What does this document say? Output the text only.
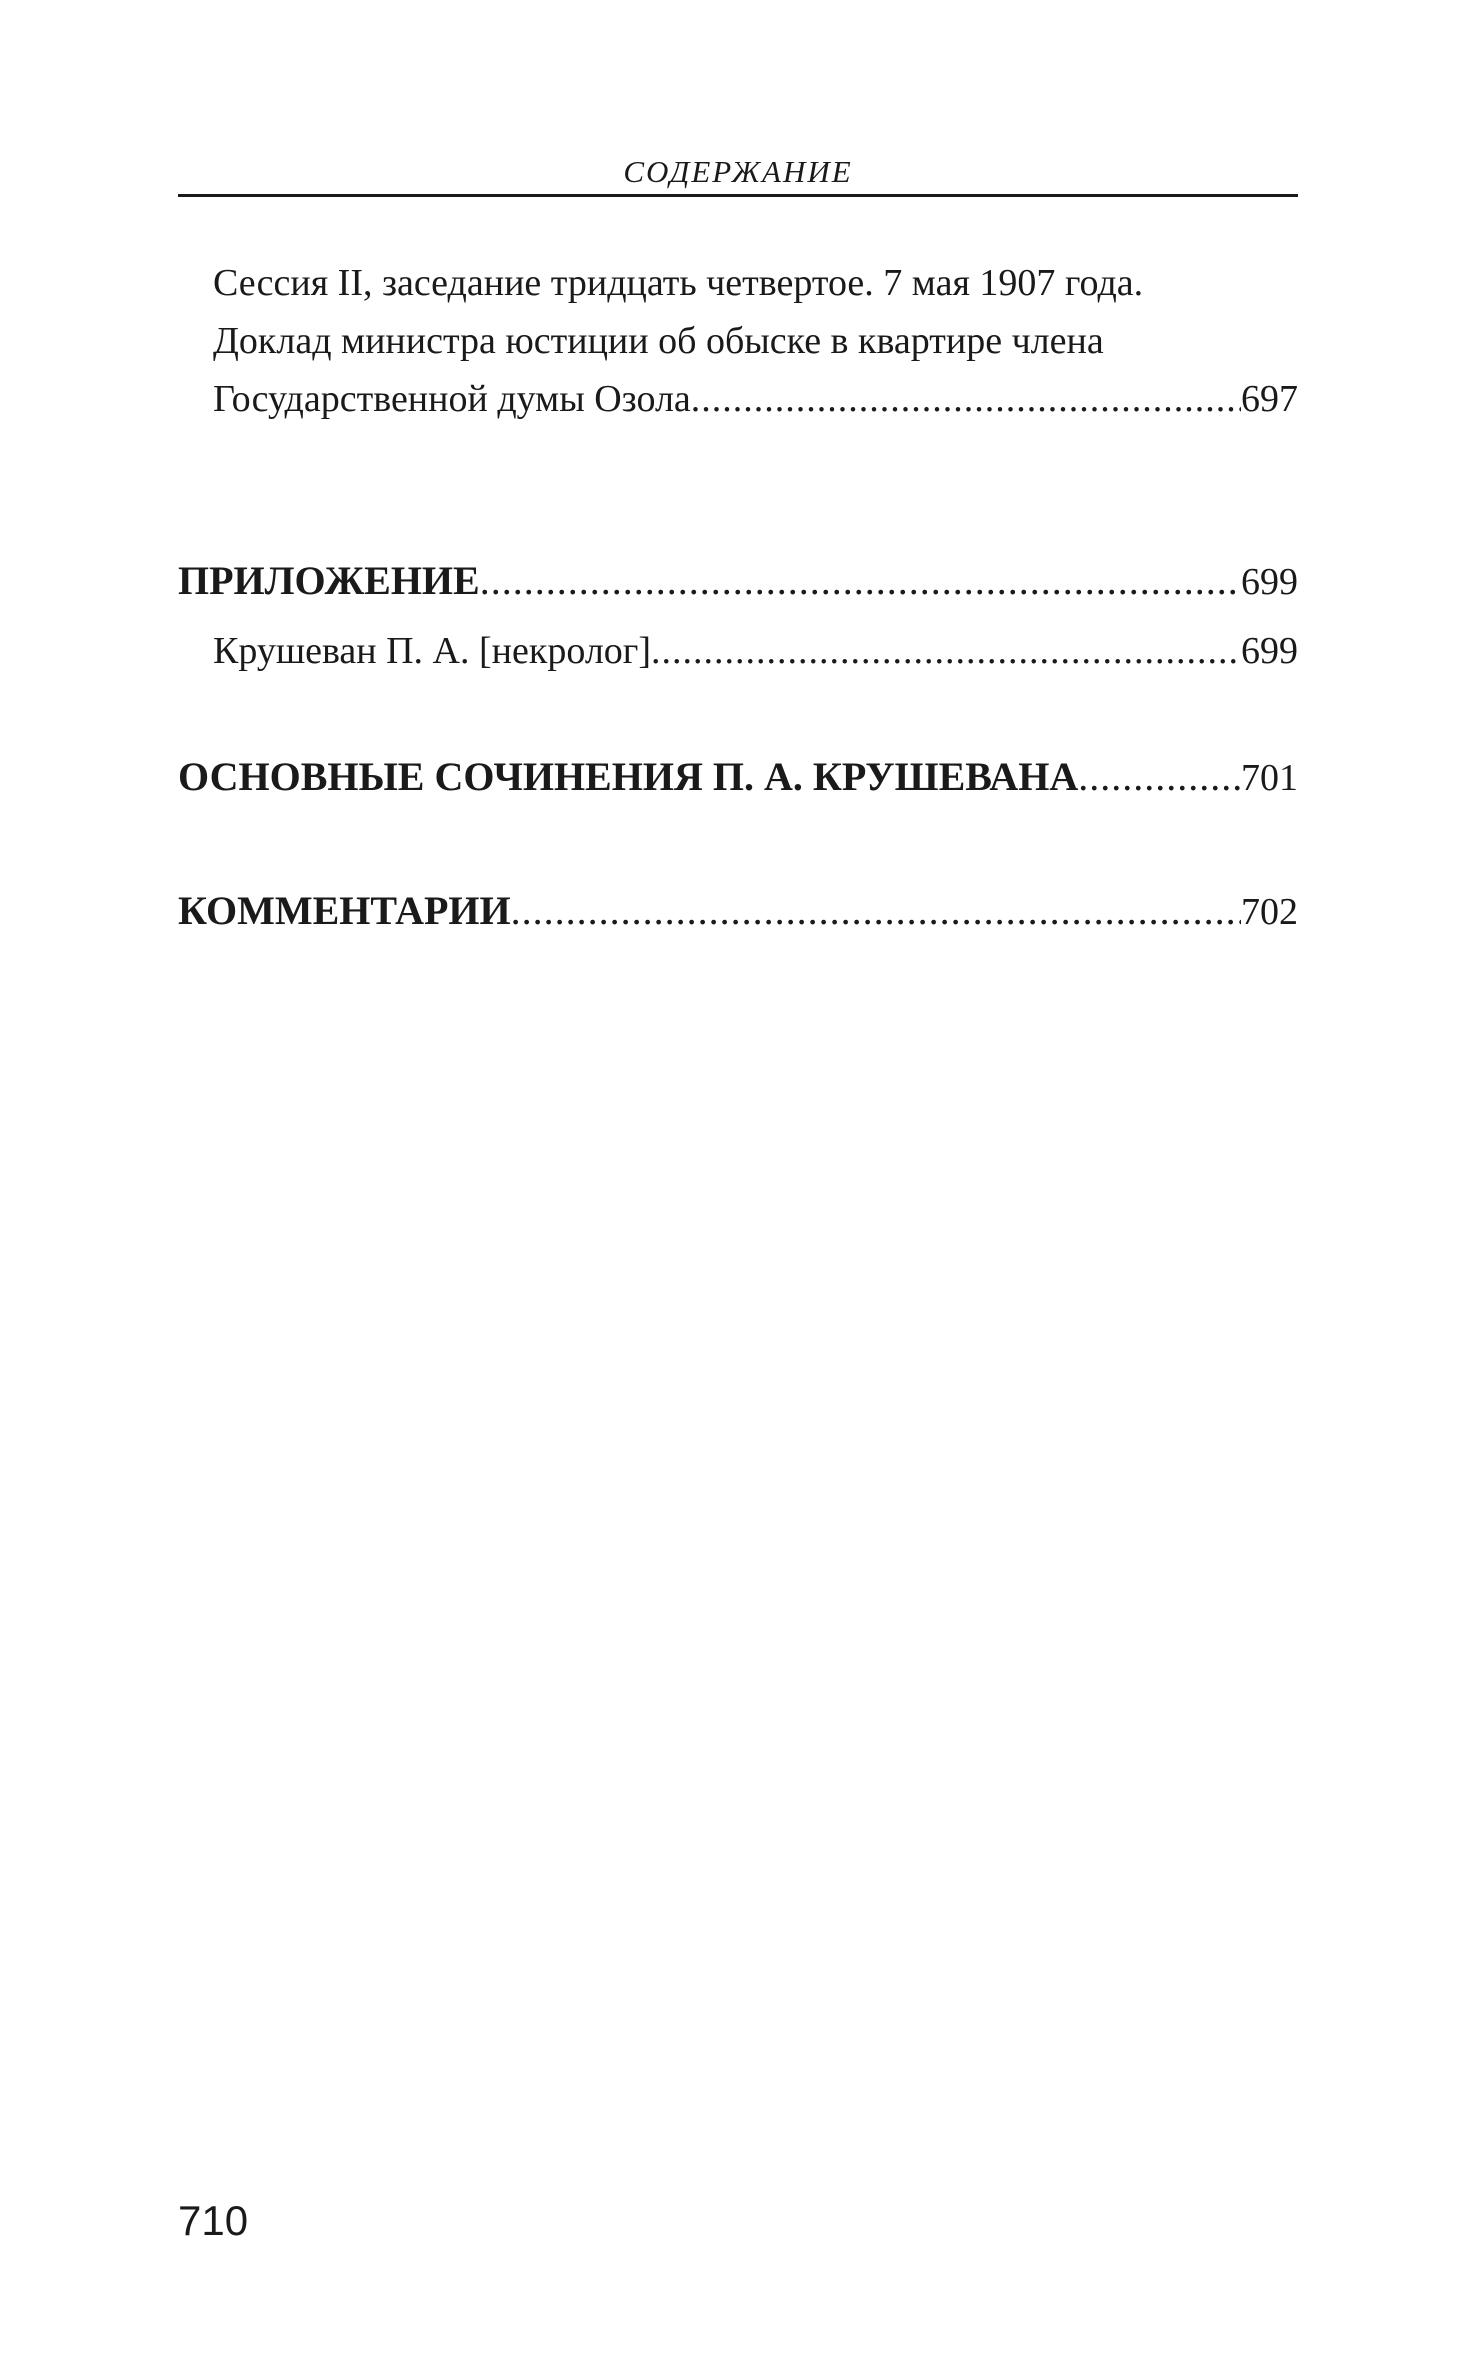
СОДЕРЖАНИЕ
Сессия II, заседание тридцать четвертое. 7 мая 1907 года.
Доклад министра юстиции об обыске в квартире члена
Государственной думы Озола .....	697
ПРИЛОЖЕНИЕ .....	699
Крушеван П. А. [некролог] .....	699
ОСНОВНЫЕ СОЧИНЕНИЯ П. А. КРУШЕВАНА .....	701
КОММЕНТАРИИ .....	702
710
